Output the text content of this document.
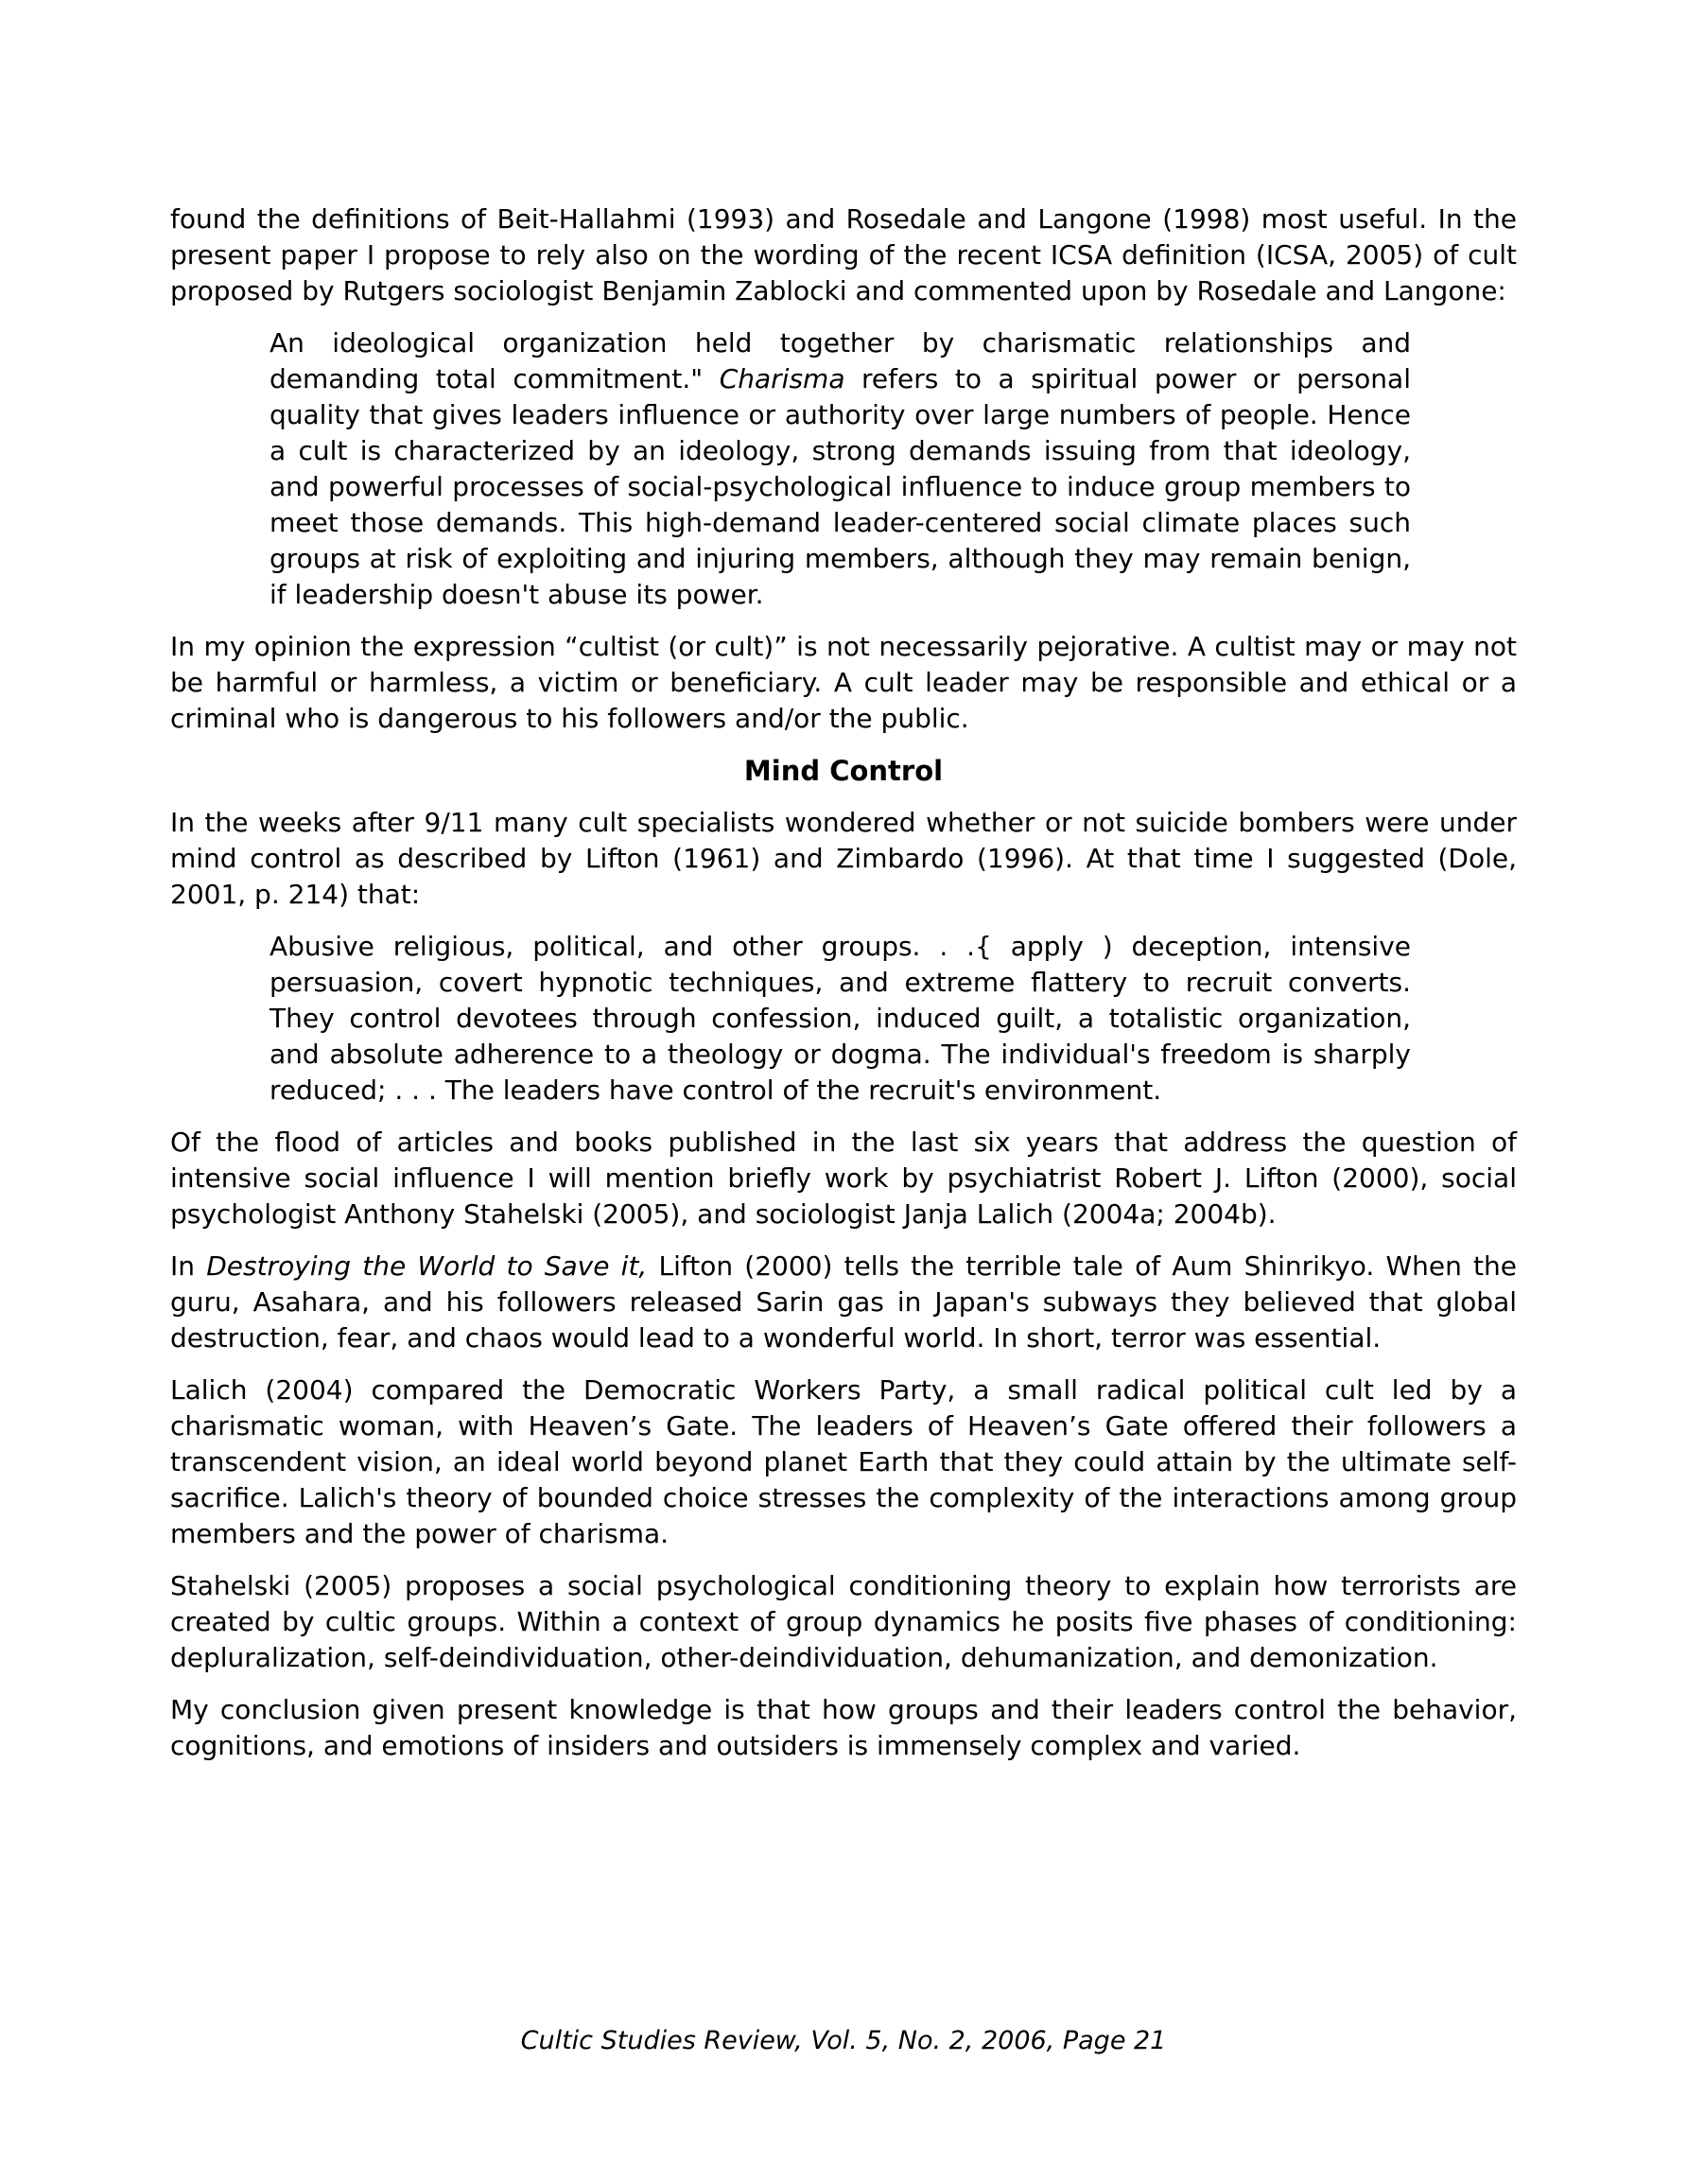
found the definitions of Beit-Hallahmi (1993) and Rosedale and Langone (1998) most useful. In the present paper I propose to rely also on the wording of the recent ICSA definition (ICSA, 2005) of cult proposed by Rutgers sociologist Benjamin Zablocki and commented upon by Rosedale and Langone:
An ideological organization held together by charismatic relationships and demanding total commitment." Charisma refers to a spiritual power or personal quality that gives leaders influence or authority over large numbers of people. Hence a cult is characterized by an ideology, strong demands issuing from that ideology, and powerful processes of social-psychological influence to induce group members to meet those demands. This high-demand leader-centered social climate places such groups at risk of exploiting and injuring members, although they may remain benign, if leadership doesn't abuse its power.
In my opinion the expression “cultist (or cult)” is not necessarily pejorative. A cultist may or may not be harmful or harmless, a victim or beneficiary. A cult leader may be responsible and ethical or a criminal who is dangerous to his followers and/or the public.
Mind Control
In the weeks after 9/11 many cult specialists wondered whether or not suicide bombers were under mind control as described by Lifton (1961) and Zimbardo (1996). At that time I suggested (Dole, 2001, p. 214) that:
Abusive religious, political, and other groups. . .{ apply ) deception, intensive persuasion, covert hypnotic techniques, and extreme flattery to recruit converts. They control devotees through confession, induced guilt, a totalistic organization, and absolute adherence to a theology or dogma. The individual's freedom is sharply reduced; . . . The leaders have control of the recruit's environment.
Of the flood of articles and books published in the last six years that address the question of intensive social influence I will mention briefly work by psychiatrist Robert J. Lifton (2000), social psychologist Anthony Stahelski (2005), and sociologist Janja Lalich (2004a; 2004b).
In Destroying the World to Save it, Lifton (2000) tells the terrible tale of Aum Shinrikyo. When the guru, Asahara, and his followers released Sarin gas in Japan's subways they believed that global destruction, fear, and chaos would lead to a wonderful world. In short, terror was essential.
Lalich (2004) compared the Democratic Workers Party, a small radical political cult led by a charismatic woman, with Heaven’s Gate. The leaders of Heaven’s Gate offered their followers a transcendent vision, an ideal world beyond planet Earth that they could attain by the ultimate self-sacrifice. Lalich's theory of bounded choice stresses the complexity of the interactions among group members and the power of charisma.
Stahelski (2005) proposes a social psychological conditioning theory to explain how terrorists are created by cultic groups. Within a context of group dynamics he posits five phases of conditioning: depluralization, self-deindividuation, other-deindividuation, dehumanization, and demonization.
My conclusion given present knowledge is that how groups and their leaders control the behavior, cognitions, and emotions of insiders and outsiders is immensely complex and varied.
Cultic Studies Review, Vol. 5, No. 2, 2006, Page 21
